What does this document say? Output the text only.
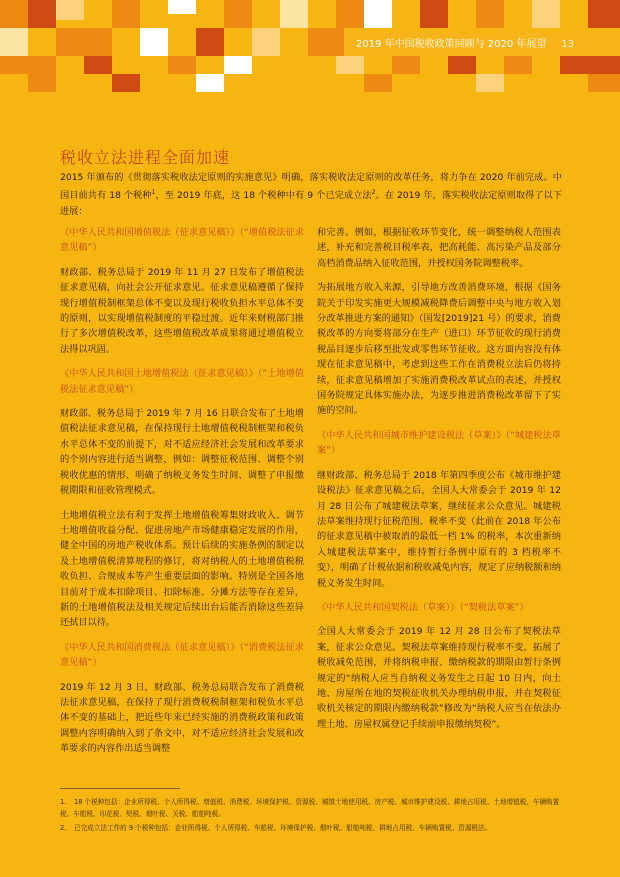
2019 年中国税收政策回顾与 2020 年展望 13
税收立法进程全面加速
2015 年颁布的《贯彻落实税收法定原则的实施意见》明确，落实税收法定原则的改革任务，将力争在 2020 年前完成。中国目前共有 18 个税种$^1$，至 2019 年底，这 18 个税种中有 9 个已完成立法$^2$。在 2019 年，落实税收法定原则取得了以下进展：

《中华人民共和国增值税法（征求意见稿）》（“增值税法征求意见稿”）

财政部、税务总局于 2019 年 11 月 27 日发布了增值税法征求意见稿，向社会公开征求意见。征求意见稿遵循了保持现行增值税制框架总体不变以及现行税收负担水平总体不变的原则，以实现增值税制度的平稳过渡。近年来财税部门推行了多次增值税改革，这些增值税改革成果将通过增值税立法得以巩固。

《中华人民共和国土地增值税法（征求意见稿）》（“土地增值税法征求意见稿”）

财政部、税务总局于 2019 年 7 月 16 日联合发布了土地增值税法征求意见稿，在保持现行土地增值税税制框架和税负水平总体不变的前提下，对不适应经济社会发展和改革要求的个别内容进行适当调整，例如：调整征税范围、调整个别税收优惠的情形、明确了纳税义务发生时间、调整了申报缴税期限和征收管理模式。

土地增值税立法有利于发挥土地增值税筹集财政收入、调节土地增值收益分配、促进房地产市场健康稳定发展的作用，健全中国的房地产税收体系。预计后续的实施条例的制定以及土地增值税清算规程的修订，将对纳税人的土地增值税税收负担、合规成本等产生重要层面的影响。特别是全国各地目前对于成本扣除项目、扣除标准、分摊方法等存在差异，新的土地增值税法及相关规定后续出台后能否消除这些差异还拭目以待。

《中华人民共和国消费税法（征求意见稿）》（“消费税法征求意见稿”）

2019 年 12 月 3 日，财政部、税务总局联合发布了消费税法征求意见稿，在保持了现行消费税税制框架和税负水平总体不变的基础上，把近些年来已经实施的消费税政策和政策调整内容明确纳入到了条文中，对不适应经济社会发展和改革要求的内容作出适当调整

和完善。例如，根据征收环节变化，统一调整纳税人范围表述，补充和完善税目税率表，把高耗能、高污染产品及部分高档消费品纳入征收范围，并授权国务院调整税率。

为拓展地方收入来源，引导地方改善消费环境，根据《国务院关于印发实施更大规模减税降费后调整中央与地方收入划分改革推进方案的通知》（国发[2019]21 号）的要求，消费税改革的方向要将部分在生产（进口）环节征收的现行消费税品目逐步后移至批发或零售环节征收。这方面内容没有体现在征求意见稿中，考虑到这些工作在消费税立法后仍将持续，征求意见稿增加了实施消费税改革试点的表述，并授权国务院规定具体实施办法，为逐步推进消费税改革留下了实施的空间。

《中华人民共和国城市维护建设税法（草案）》（“城建税法草案”）

继财政部、税务总局于 2018 年第四季度公布《城市维护建设税法》征求意见稿之后，全国人大常委会于 2019 年 12 月 28 日公布了城建税法草案，继续征求公众意见。城建税法草案维持现行征税范围、税率不变（此前在 2018 年公布的征求意见稿中被取消的最低一档 1% 的税率，本次重新纳入城建税法草案中，维持暂行条例中原有的 3 档税率不变），明确了计税依据和税收减免内容，规定了应纳税额和纳税义务发生时间。

《中华人民共和国契税法（草案）》（“契税法草案”）

全国人大常委会于 2019 年 12 月 28 日公布了契税法草案，征求公众意见。契税法草案维持现行税率不变，拓展了税收减免范围，并将纳税申报、缴纳税款的期限由暂行条例规定的“纳税人应当自纳税义务发生之日起 10 日内，向土地、房屋所在地的契税征收机关办理纳税申报，并在契税征收机关核定的期限内缴纳税款”修改为“纳税人应当在依法办理土地、房屋权属登记手续前申报缴纳契税”。

1. 18 个税种包括：企业所得税、个人所得税、增值税、消费税、环境保护税、资源税、城镇土地使用税、房产税、城市维护建设税、耕地占用税、土地增值税、车辆购置税、车船税、印花税、契税、烟叶税、关税、船舶吨税。
2. 已完成立法工作的 9 个税种包括：企业所得税、个人所得税、车船税、环境保护税、烟叶税、船舶吨税、耕地占用税、车辆购置税、资源税法。
